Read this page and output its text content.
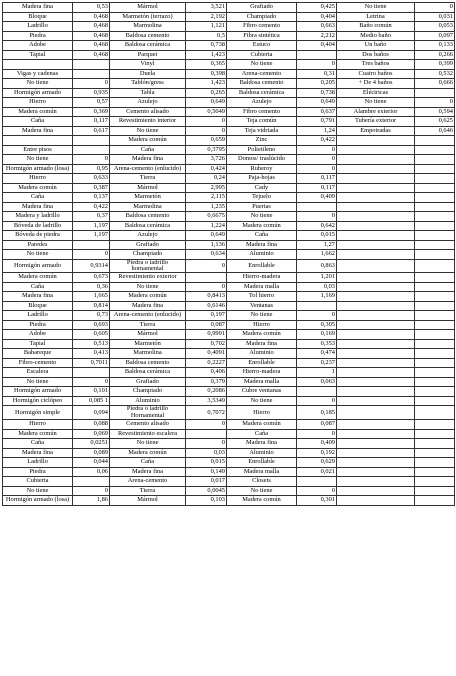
Madera fina	0,53	Mármol	3,521	Grafiado	0,425	No tiene	0
Bloque	0,468	Marmetón (terrazo)	2,192	Champiado	0,404	Letrina	0,031
Ladrillo	0,468	Marmolina	1,121	Fibro cemento	0,663	Baño común	0,053
Piedra	0,468	Baldosa cemento	0,5	Fibra sintética	2,212	Medio baño	0,097
Adobe	0,468	Baldosa cerámica	0,738	Estuco	0,404	Un baño	0,133
Tapial	0,468	Parquet	1,423	Cubierta		Dos baños	0,266
		Vinyl	0,365	No tiene	0	Tres baños	0,399
Vigas y cadenas		Duela	0,398	Arena-cemento	0,31	Cuatro baños	0,532
No tiene	0	Tablón/gress	1,423	Baldosa cemento	0,205	+ De 4 baños	0,666
Hormigón armado	0,935	Tabla	0,265	Baldosa cerámica	0,738	Eléctricas	
Hierro	0,57	Azulejo	0,649	Azulejo	0,649	No tiene	0
Madera común	0,369	Cemento alisado	0,5049	Fibro cemento	0,637	Alambre exterior	0,594
Caña	0,117	Revestimiento interior	0	Teja común	0,791	Tubería exterior	0,625
Madera fina	0,617	No tiene	0	Teja vidriada	1,24	Empotradas	0,646
		Madera común	0,659	Zinc	0,422		
Entre pisos		Caña	0,3795	Polietileno	0		
No tiene	0	Madera fina	3,726	Domos/ traslúcido	0		
Hormigón armado (losa)	0,95	Arena-cemento (enlucido)	0,424	Ruberoy	0		
Hierro	0,633	Tierra	0,24	Paja-hojas	0,117		
Madera común	0,387	Mármol	2,995	Cady	0,117		
Caña	0,137	Marmetón	2,115	Tejuelo	0,409		
Madera fina	0,422	Marmolina	1,235	Puertas			
Madera y ladrillo	0,37	Baldosa cemento	0,6675	No tiene	0		
Bóveda de ladrillo	1,197	Baldosa cerámica	1,224	Madera común	0,642		
Bóveda de piedra	1,197	Azulejo	0,649	Caña	0,015		
Paredes		Grafiado	1,136	Madera fina	1,27		
No tiene	0	Champiado	0,634	Aluminio	1,662		
Hormigón armado	0,9314	Piedra o ladrillo hornamental	0	Enrollable	0,863		
Madera común	0,673	Revestimiento exterior		Hierro-madera	1,201		
Caña	0,36	No tiene	0	Madera malla	0,03		
Madera fina	1,665	Madera común	0,8413	Tol hierro	1,169		
Bloque	0,814	Madera fina	0,6146	Ventanas			
Ladrillo	0,73	Arena-cemento (enlucido)	0,197	No tiene	0		
Piedra	0,693	Tierra	0,087	Hierro	0,305		
Adobe	0,605	Mármol	0,9991	Madera común	0,169		
Tapial	0,513	Marmetón	0,702	Madera fina	0,353		
Bahareque	0,413	Marmolina	0,4091	Aluminio	0,474		
Fibro-cemento	0,7011	Baldosa cemento	0,2227	Enrollable	0,237		
Escalera		Baldosa cerámica	0,406	Hierro-madera	1		
No tiene	0	Grafiado	0,379	Madera malla	0,063		
Hormigón armado	0,101	Champiado	0,2086	Cubre ventanas			
Hormigón ciclópeo	0,085 1	Aluminio	3,5349	No tiene	0		
Hormigón simple	0,094	Piedra o ladrillo Hornamental	0,7072	Hierro	0,185		
Hierro	0,088	Cemento alisado	0	Madera común	0,087		
Madera común	0,069	Revestimiento escalera		Caña	0		
Caña	0,0251	No tiene	0	Madera fina	0,409		
Madera fina	0,089	Madera común	0,03	Aluminio	0,192		
Ladrillo	0,044	Caña	0,015	Enrollable	0,629		
Piedra	0,06	Madera fina	0,149	Madera malla	0,021		
Cubierta		Arena-cemento	0,017	Closets			
No tiene	0	Tierra	0,0045	No tiene	0		
Hormigón armado (losa)	1,86	Mármol	0,103	Madera común	0,301		
